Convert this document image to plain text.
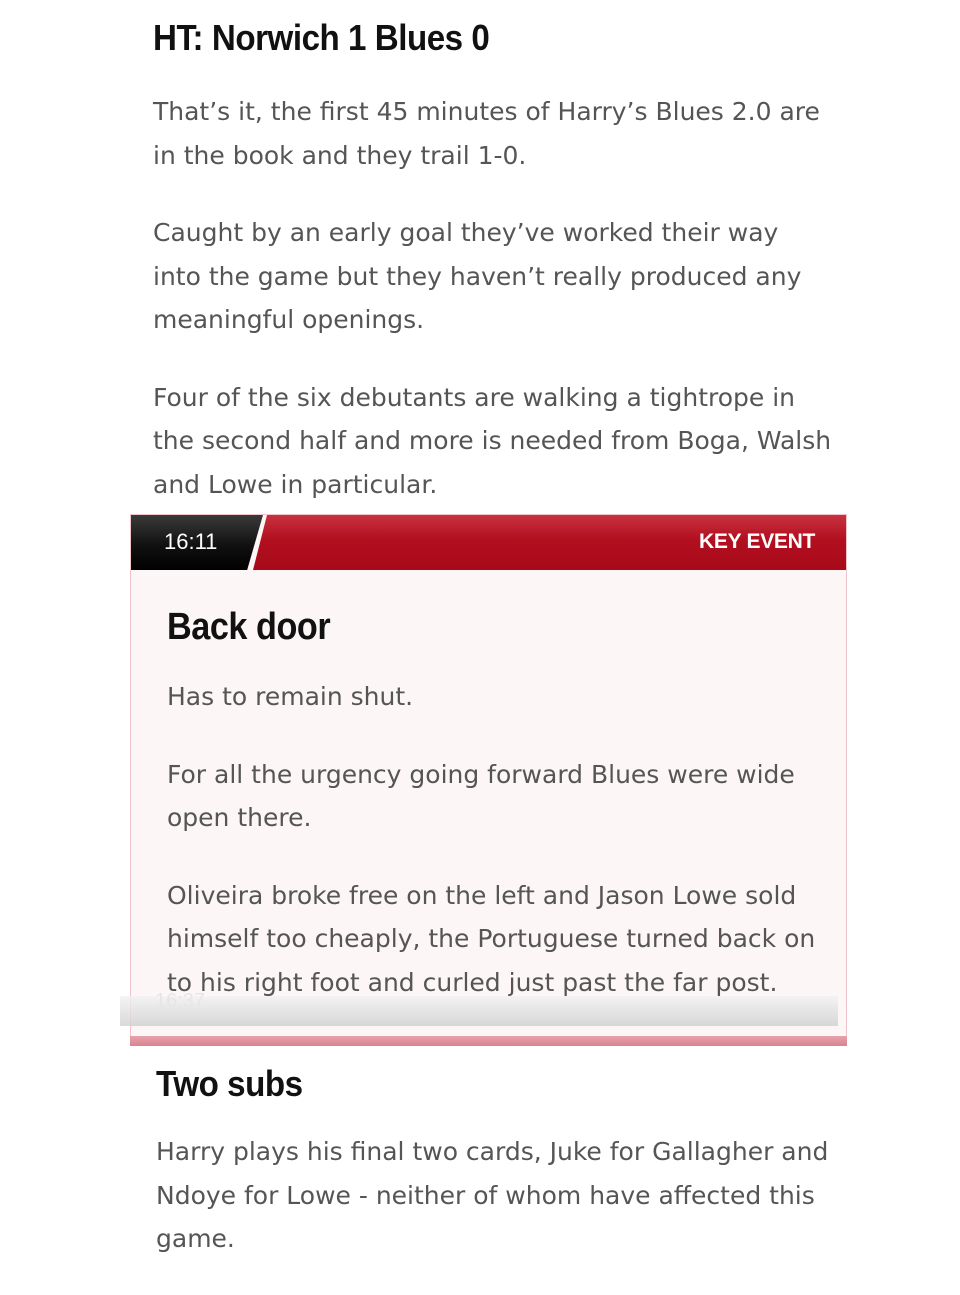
HT: Norwich 1 Blues 0

That’s it, the first 45 minutes of Harry’s Blues 2.0 are in the book and they trail 1-0.

Caught by an early goal they’ve worked their way into the game but they haven’t really produced any meaningful openings.

Four of the six debutants are walking a tightrope in the second half and more is needed from Boga, Walsh and Lowe in particular.

16:11	KEY EVENT
Back door

Has to remain shut.

For all the urgency going forward Blues were wide open there.

Oliveira broke free on the left and Jason Lowe sold himself too cheaply, the Portuguese turned back on to his right foot and curled just past the far post.

16:37
Two subs

Harry plays his final two cards, Juke for Gallagher and Ndoye for Lowe - neither of whom have affected this game.
